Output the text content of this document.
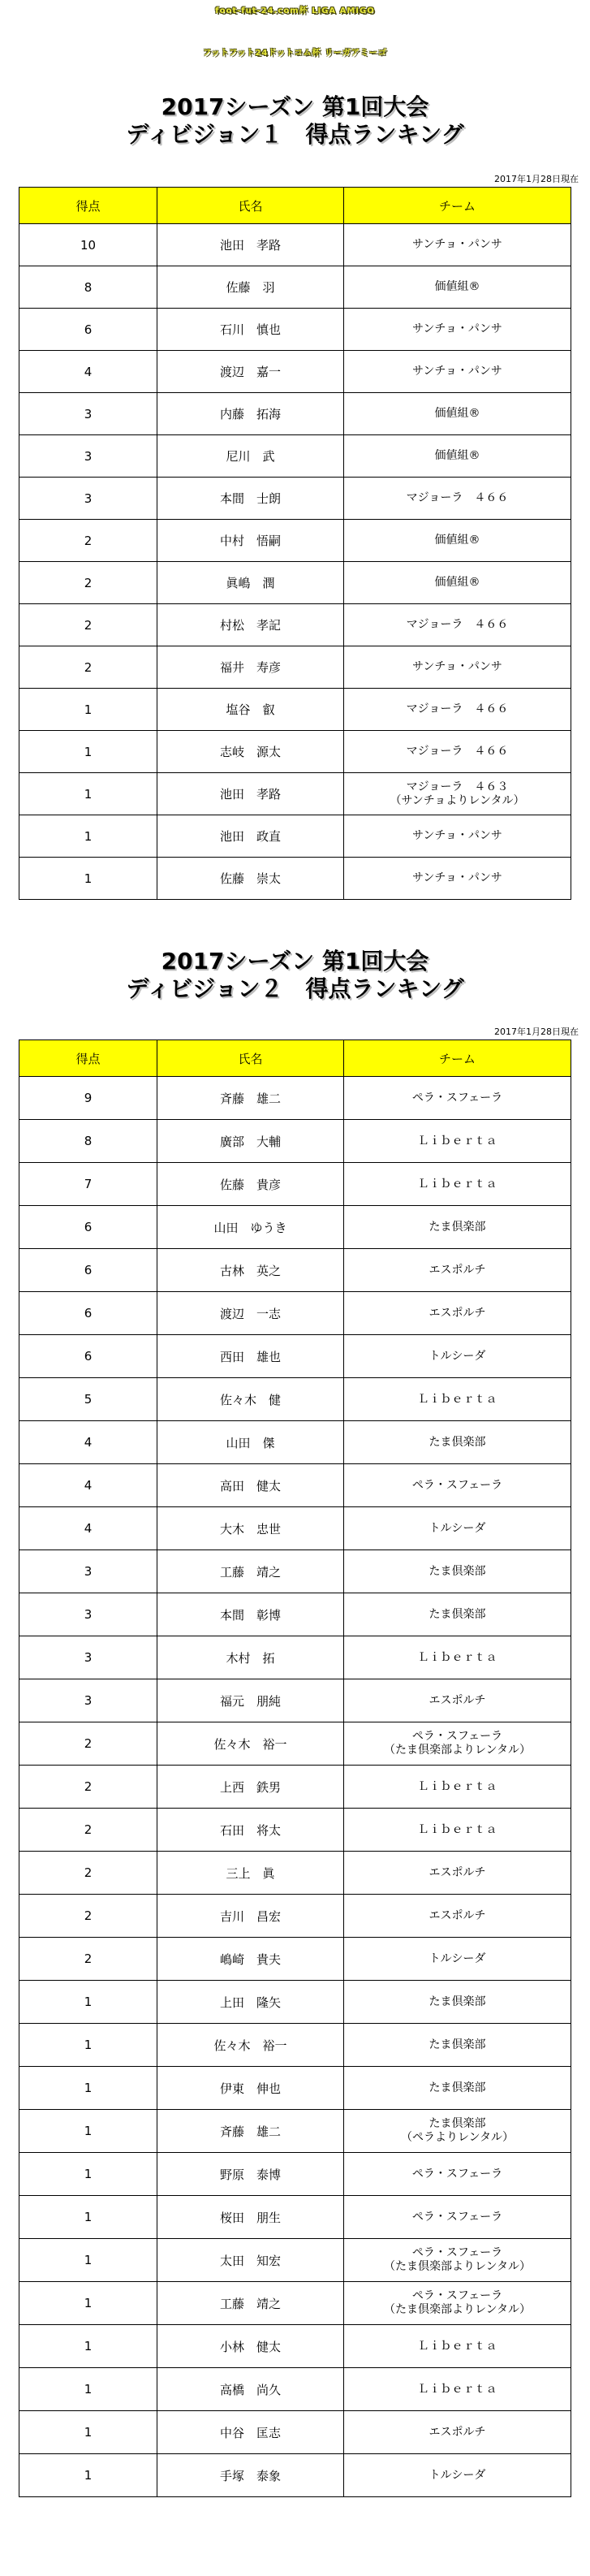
foot-fut-24.com杯 LIGA AMIGO
フットフット24ドットコム杯 リーガアミーゴ
2017シーズン 第1回大会
ディビジョン１　得点ランキング
2017年1月28日現在
得点	氏名	チーム
10	池田　孝路	サンチョ・パンサ
8	佐藤　羽	価値組®
6	石川　慎也	サンチョ・パンサ
4	渡辺　嘉一	サンチョ・パンサ
3	内藤　拓海	価値組®
3	尼川　武	価値組®
3	本間　士朗	マジョーラ　４６６
2	中村　悟嗣	価値組®
2	眞嶋　潤	価値組®
2	村松　孝記	マジョーラ　４６６
2	福井　寿彦	サンチョ・パンサ
1	塩谷　叡	マジョーラ　４６６
1	志岐　源太	マジョーラ　４６６
1	池田　孝路	マジョーラ　４６３
（サンチョよりレンタル）
1	池田　政直	サンチョ・パンサ
1	佐藤　崇太	サンチョ・パンサ
2017シーズン 第1回大会
ディビジョン２　得点ランキング
2017年1月28日現在
得点	氏名	チーム
9	斉藤　雄二	ペラ・スフェーラ
8	廣部　大輔	Ｌｉｂｅｒｔａ
7	佐藤　貴彦	Ｌｉｂｅｒｔａ
6	山田　ゆうき	たま倶楽部
6	古林　英之	エスポルチ
6	渡辺　一志	エスポルチ
6	西田　雄也	トルシーダ
5	佐々木　健	Ｌｉｂｅｒｔａ
4	山田　傑	たま倶楽部
4	高田　健太	ペラ・スフェーラ
4	大木　忠世	トルシーダ
3	工藤　靖之	たま倶楽部
3	本間　彰博	たま倶楽部
3	木村　拓	Ｌｉｂｅｒｔａ
3	福元　朋純	エスポルチ
2	佐々木　裕一	ペラ・スフェーラ
（たま倶楽部よりレンタル）
2	上西　鉄男	Ｌｉｂｅｒｔａ
2	石田　将太	Ｌｉｂｅｒｔａ
2	三上　眞	エスポルチ
2	吉川　昌宏	エスポルチ
2	嶋崎　貴夫	トルシーダ
1	上田　隆矢	たま倶楽部
1	佐々木　裕一	たま倶楽部
1	伊東　伸也	たま倶楽部
1	斉藤　雄二	たま倶楽部
（ペラよりレンタル）
1	野原　泰博	ペラ・スフェーラ
1	桜田　朋生	ペラ・スフェーラ
1	太田　知宏	ペラ・スフェーラ
（たま倶楽部よりレンタル）
1	工藤　靖之	ペラ・スフェーラ
（たま倶楽部よりレンタル）
1	小林　健太	Ｌｉｂｅｒｔａ
1	高橋　尚久	Ｌｉｂｅｒｔａ
1	中谷　匡志	エスポルチ
1	手塚　泰象	トルシーダ
